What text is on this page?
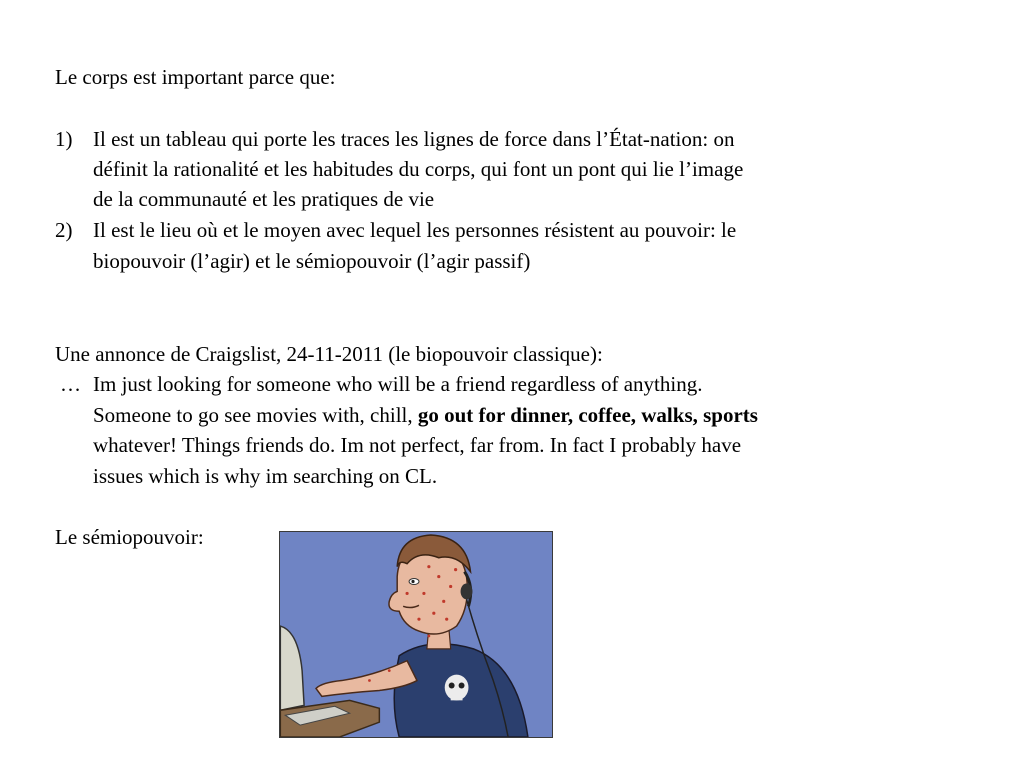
Le corps est important parce que:
1) Il est un tableau qui porte les traces les lignes de force dans l’État-nation: on
définit la rationalité et les habitudes du corps, qui font un pont qui lie l’image
de la communauté et les pratiques de vie
2) Il est le lieu où et le moyen avec lequel les personnes résistent au pouvoir: le
biopouvoir (l’agir) et le sémiopouvoir (l’agir passif)
Une annonce de Craigslist, 24-11-2011 (le biopouvoir classique):
… Im just looking for someone who will be a friend regardless of anything.
Someone to go see movies with, chill, go out for dinner, coffee, walks, sports
whatever! Things friends do. Im not perfect, far from. In fact I probably have
issues which is why im searching on CL.
Le sémiopouvoir:
